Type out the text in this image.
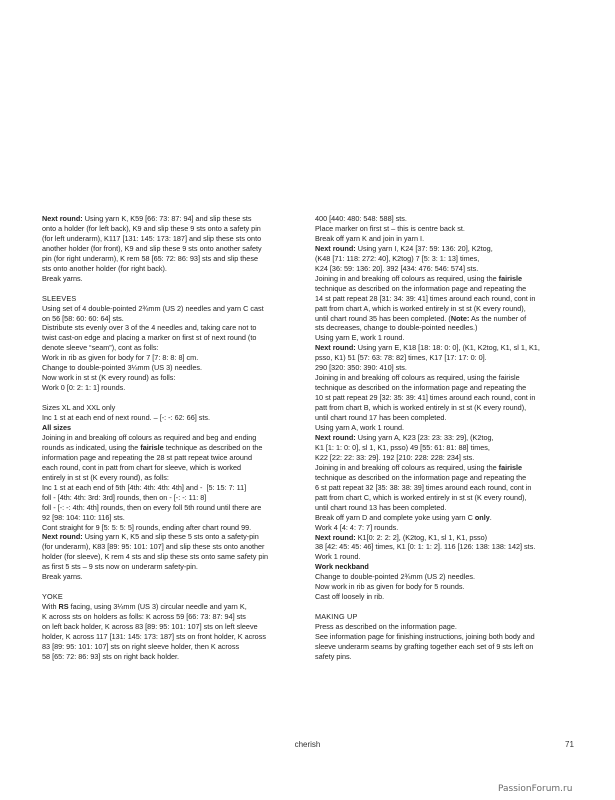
Next round: Using yarn K, K59 [66: 73: 87: 94] and slip these sts

onto a holder (for left back), K9 and slip these 9 sts onto a safety pin

(for left underarm), K117 [131: 145: 173: 187] and slip these sts onto

another holder (for front), K9 and slip these 9 sts onto another safety

pin (for right underarm), K rem 58 [65: 72: 86: 93] sts and slip these

sts onto another holder (for right back).

Break yarns.

SLEEVES

Using set of 4 double-pointed 2¾mm (US 2) needles and yarn C cast

on 56 [58: 60: 60: 64] sts.

Distribute sts evenly over 3 of the 4 needles and, taking care not to

twist cast-on edge and placing a marker on first st of next round (to

denote sleeve “seam”), cont as folls:

Work in rib as given for body for 7 [7: 8: 8: 8] cm.

Change to double-pointed 3¼mm (US 3) needles.

Now work in st st (K every round) as folls:

Work 0 [0: 2: 1: 1] rounds.

Sizes XL and XXL only

Inc 1 st at each end of next round. – [-: -: 62: 66] sts.

All sizes

Joining in and breaking off colours as required and beg and ending

rounds as indicated, using the fairisle technique as described on the

information page and repeating the 28 st patt repeat twice around

each round, cont in patt from chart for sleeve, which is worked

entirely in st st (K every round), as folls:

Inc 1 st at each end of 5th [4th: 4th: 4th: 4th] and -  [5: 15: 7: 11]

foll - [4th: 4th: 3rd: 3rd] rounds, then on - [-: -: 11: 8]

foll - [-: -: 4th: 4th] rounds, then on every foll 5th round until there are

92 [98: 104: 110: 116] sts.

Cont straight for 9 [5: 5: 5: 5] rounds, ending after chart round 99.

Next round: Using yarn K, K5 and slip these 5 sts onto a safety-pin

(for underarm), K83 [89: 95: 101: 107] and slip these sts onto another

holder (for sleeve), K rem 4 sts and slip these sts onto same safety pin

as first 5 sts – 9 sts now on underarm safety-pin.

Break yarns.

YOKE

With RS facing, using 3¼mm (US 3) circular needle and yarn K,

K across sts on holders as folls: K across 59 [66: 73: 87: 94] sts

on left back holder, K across 83 [89: 95: 101: 107] sts on left sleeve

holder, K across 117 [131: 145: 173: 187] sts on front holder, K across

83 [89: 95: 101: 107] sts on right sleeve holder, then K across

58 [65: 72: 86: 93] sts on right back holder.

400 [440: 480: 548: 588] sts.

Place marker on first st – this is centre back st.

Break off yarn K and join in yarn I.

Next round: Using yarn I, K24 [37: 59: 136: 20], K2tog,

(K48 [71: 118: 272: 40], K2tog) 7 [5: 3: 1: 13] times,

K24 [36: 59: 136: 20]. 392 [434: 476: 546: 574] sts.

Joining in and breaking off colours as required, using the fairisle

technique as described on the information page and repeating the

14 st patt repeat 28 [31: 34: 39: 41] times around each round, cont in

patt from chart A, which is worked entirely in st st (K every round),

until chart round 35 has been completed. (Note: As the number of

sts decreases, change to double-pointed needles.)

Using yarn E, work 1 round.

Next round: Using yarn E, K18 [18: 18: 0: 0], (K1, K2tog, K1, sl 1, K1,

psso, K1) 51 [57: 63: 78: 82] times, K17 [17: 17: 0: 0].

290 [320: 350: 390: 410] sts.

Joining in and breaking off colours as required, using the fairisle

technique as described on the information page and repeating the

10 st patt repeat 29 [32: 35: 39: 41] times around each round, cont in

patt from chart B, which is worked entirely in st st (K every round),

until chart round 17 has been completed.

Using yarn A, work 1 round.

Next round: Using yarn A, K23 [23: 23: 33: 29], (K2tog,

K1 [1: 1: 0: 0], sl 1, K1, psso) 49 [55: 61: 81: 88] times,

K22 [22: 22: 33: 29]. 192 [210: 228: 228: 234] sts.

Joining in and breaking off colours as required, using the fairisle

technique as described on the information page and repeating the

6 st patt repeat 32 [35: 38: 38: 39] times around each round, cont in

patt from chart C, which is worked entirely in st st (K every round),

until chart round 13 has been completed.

Break off yarn D and complete yoke using yarn C only.

Work 4 [4: 4: 7: 7] rounds.

Next round: K1[0: 2: 2: 2], (K2tog, K1, sl 1, K1, psso)

38 [42: 45: 45: 46] times, K1 [0: 1: 1: 2]. 116 [126: 138: 138: 142] sts.

Work 1 round.

Work neckband

Change to double-pointed 2¾mm (US 2) needles.

Now work in rib as given for body for 5 rounds.

Cast off loosely in rib.

MAKING UP

Press as described on the information page.

See information page for finishing instructions, joining both body and

sleeve underarm seams by grafting together each set of 9 sts left on

safety pins.

cherish	71
PassionForum.ru
